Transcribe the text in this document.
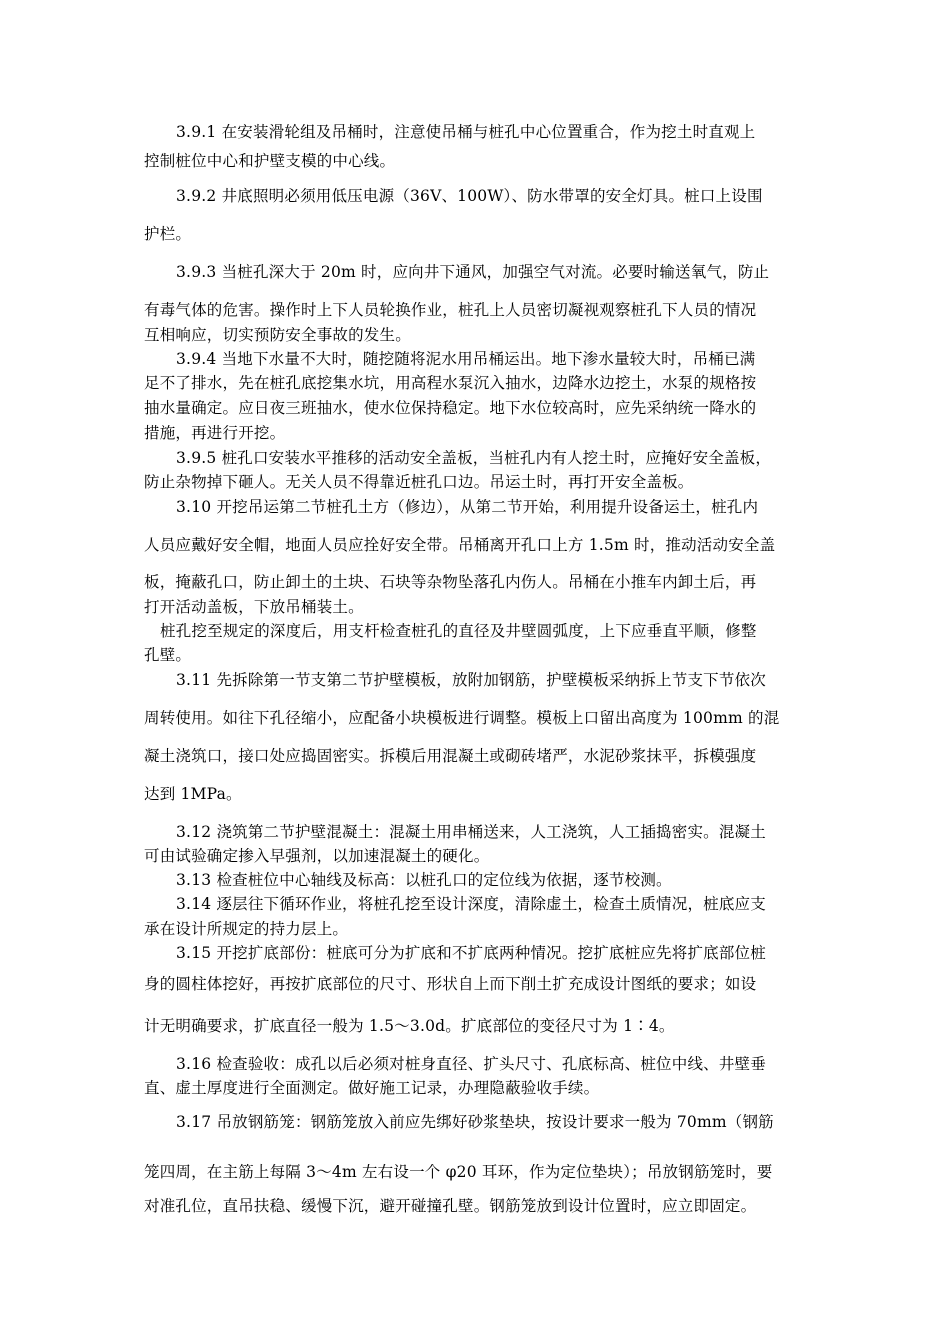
3.9.1 在安装滑轮组及吊桶时，注意使吊桶与桩孔中心位置重合，作为挖土时直观上
控制桩位中心和护壁支模的中心线。
3.9.2 井底照明必须用低压电源（36V、100W）、防水带罩的安全灯具。桩口上设围
护栏。
3.9.3 当桩孔深大于 20m 时，应向井下通风，加强空气对流。必要时输送氧气，防止
有毒气体的危害。操作时上下人员轮换作业，桩孔上人员密切凝视观察桩孔下人员的情况
互相响应，切实预防安全事故的发生。
3.9.4 当地下水量不大时，随挖随将泥水用吊桶运出。地下渗水量较大时，吊桶已满
足不了排水，先在桩孔底挖集水坑，用高程水泵沉入抽水，边降水边挖土，水泵的规格按
抽水量确定。应日夜三班抽水，使水位保持稳定。地下水位较高时，应先采纳统一降水的
措施，再进行开挖。
3.9.5 桩孔口安装水平推移的活动安全盖板，当桩孔内有人挖土时，应掩好安全盖板，
防止杂物掉下砸人。无关人员不得靠近桩孔口边。吊运土时，再打开安全盖板。
3.10 开挖吊运第二节桩孔土方（修边），从第二节开始，利用提升设备运土，桩孔内
人员应戴好安全帽，地面人员应拴好安全带。吊桶离开孔口上方 1.5m 时，推动活动安全盖
板，掩蔽孔口，防止卸土的土块、石块等杂物坠落孔内伤人。吊桶在小推车内卸土后，再
打开活动盖板，下放吊桶装土。
桩孔挖至规定的深度后，用支杆检查桩孔的直径及井壁圆弧度，上下应垂直平顺，修整
孔壁。
3.11 先拆除第一节支第二节护壁模板，放附加钢筋，护壁模板采纳拆上节支下节依次
周转使用。如往下孔径缩小，应配备小块模板进行调整。模板上口留出高度为 100mm 的混
凝土浇筑口，接口处应捣固密实。拆模后用混凝土或砌砖堵严，水泥砂浆抹平，拆模强度
达到 1MPa。
3.12 浇筑第二节护壁混凝土：混凝土用串桶送来，人工浇筑，人工插捣密实。混凝土
可由试验确定掺入早强剂，以加速混凝土的硬化。
3.13 检查桩位中心轴线及标高：以桩孔口的定位线为依据，逐节校测。
3.14 逐层往下循环作业，将桩孔挖至设计深度，清除虚土，检查土质情况，桩底应支
承在设计所规定的持力层上。
3.15 开挖扩底部份：桩底可分为扩底和不扩底两种情况。挖扩底桩应先将扩底部位桩
身的圆柱体挖好，再按扩底部位的尺寸、形状自上而下削土扩充成设计图纸的要求；如设
计无明确要求，扩底直径一般为 1.5～3.0d。扩底部位的变径尺寸为 1∶4。
3.16 检查验收：成孔以后必须对桩身直径、扩头尺寸、孔底标高、桩位中线、井壁垂
直、虚土厚度进行全面测定。做好施工记录，办理隐蔽验收手续。
3.17 吊放钢筋笼：钢筋笼放入前应先绑好砂浆垫块，按设计要求一般为 70mm（钢筋
笼四周，在主筋上每隔 3～4m 左右设一个 φ20 耳环，作为定位垫块）；吊放钢筋笼时，要
对准孔位，直吊扶稳、缓慢下沉，避开碰撞孔壁。钢筋笼放到设计位置时，应立即固定。
